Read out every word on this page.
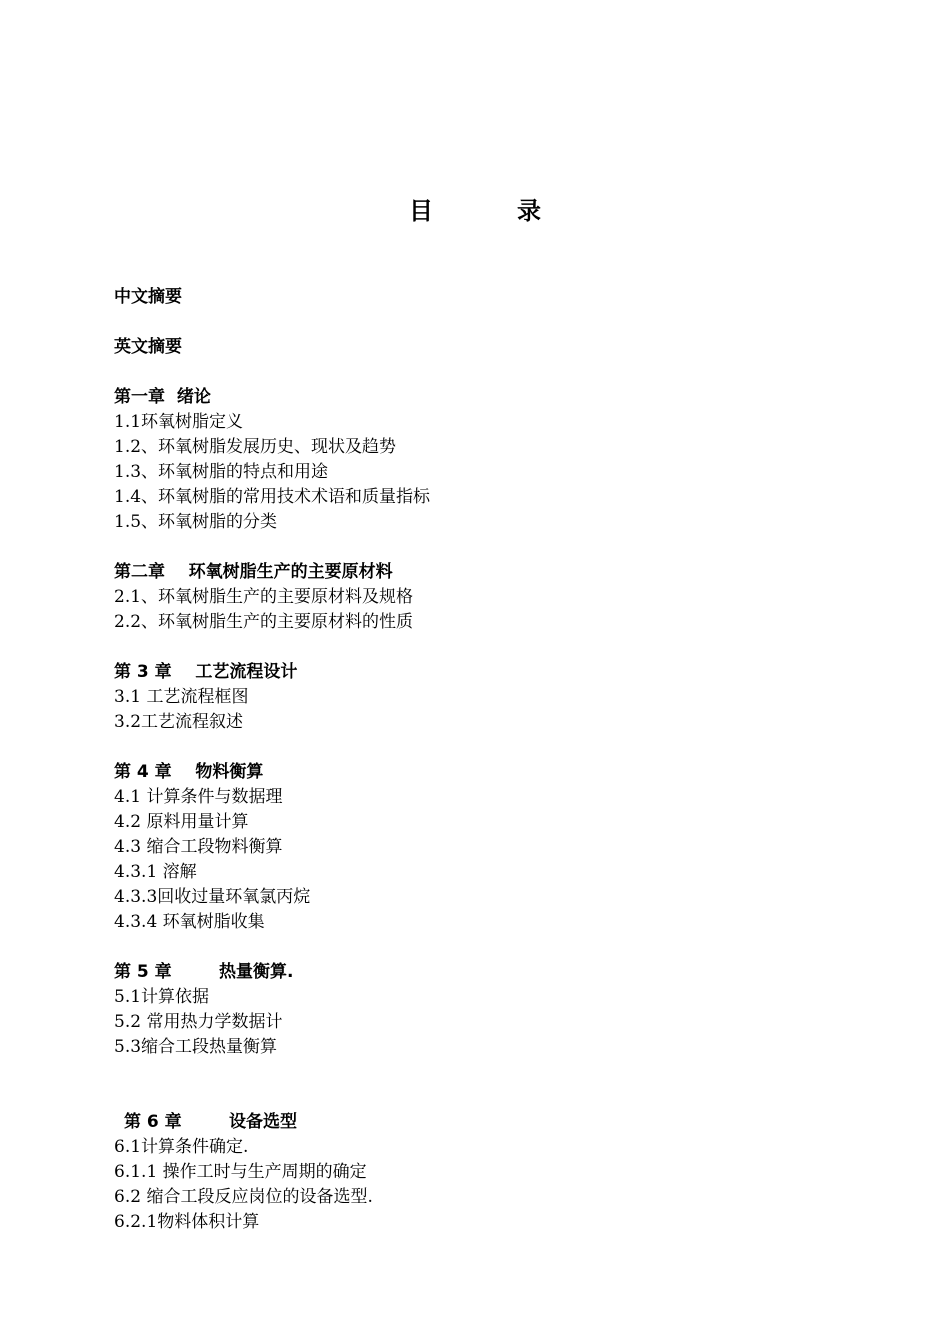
目　录
中文摘要
英文摘要
第一章  绪论
1.1环氧树脂定义
1.2、环氧树脂发展历史、现状及趋势
1.3、环氧树脂的特点和用途
1.4、环氧树脂的常用技术术语和质量指标
1.5、环氧树脂的分类
第二章    环氧树脂生产的主要原材料
2.1、环氧树脂生产的主要原材料及规格
2.2、环氧树脂生产的主要原材料的性质
第 3 章    工艺流程设计
3.1 工艺流程框图
3.2工艺流程叙述
第 4 章    物料衡算
4.1 计算条件与数据理
4.2 原料用量计算
4.3 缩合工段物料衡算
4.3.1 溶解
4.3.3回收过量环氧氯丙烷
4.3.4 环氧树脂收集
第 5 章        热量衡算.
5.1计算依据
5.2 常用热力学数据计
5.3缩合工段热量衡算
第 6 章        设备选型
6.1计算条件确定.
6.1.1 操作工时与生产周期的确定
6.2 缩合工段反应岗位的设备选型.
6.2.1物料体积计算
